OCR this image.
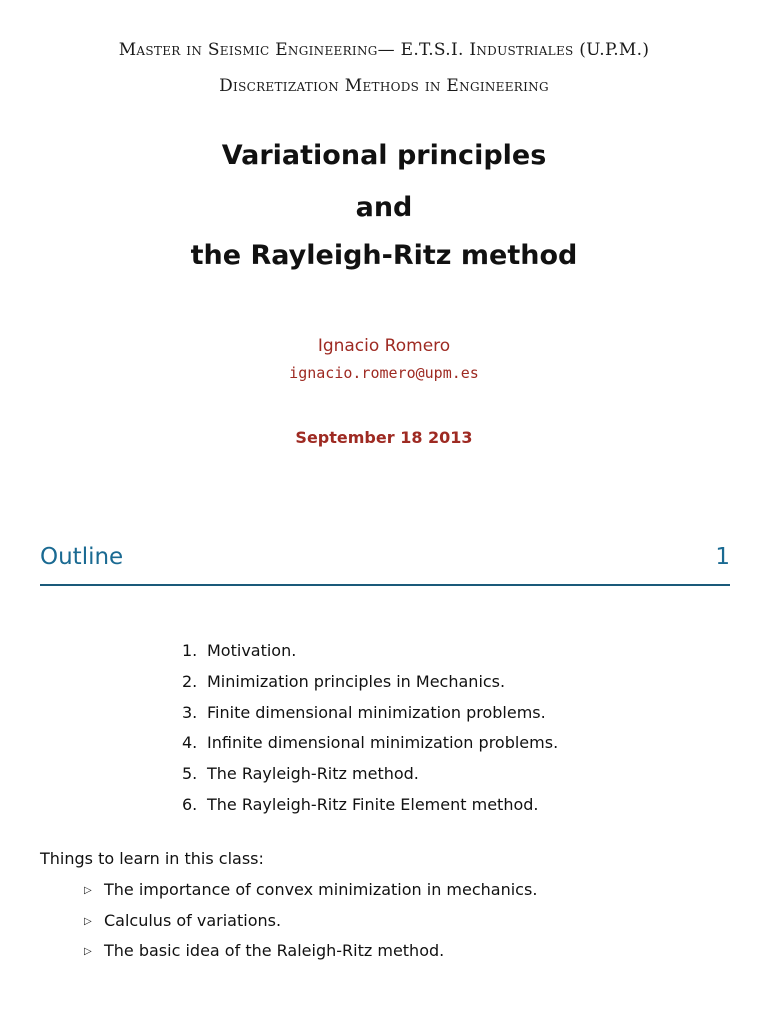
Master in Seismic Engineering— E.T.S.I. Industriales (U.P.M.)
Discretization Methods in Engineering
Variational principles
and
the Rayleigh-Ritz method
Ignacio Romero
ignacio.romero@upm.es
September 18 2013
Outline	1
1. Motivation.
2. Minimization principles in Mechanics.
3. Finite dimensional minimization problems.
4. Infinite dimensional minimization problems.
5. The Rayleigh-Ritz method.
6. The Rayleigh-Ritz Finite Element method.
Things to learn in this class:
▷ The importance of convex minimization in mechanics.
▷ Calculus of variations.
▷ The basic idea of the Raleigh-Ritz method.
